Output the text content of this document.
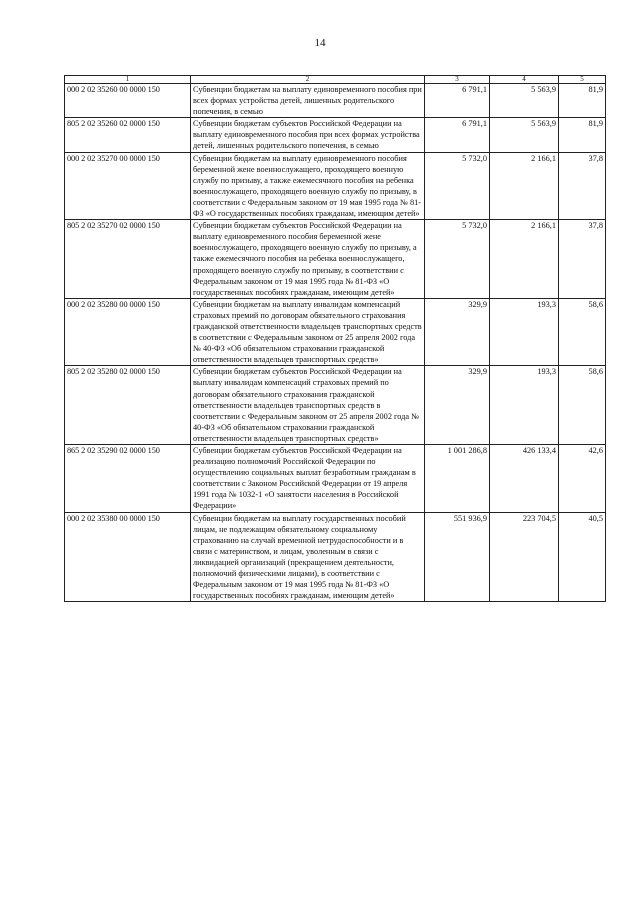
14
1	2	3	4	5
000 2 02 35260 00 0000 150	Субвенции бюджетам на выплату единовременного пособия при всех формах устройства детей, лишенных родительского попечения, в семью	6 791,1	5 563,9	81,9
805 2 02 35260 02 0000 150	Субвенции бюджетам субъектов Российской Федерации на выплату единовременного пособия при всех формах устройства детей, лишенных родительского попечения, в семью	6 791,1	5 563,9	81,9
000 2 02 35270 00 0000 150	Субвенции бюджетам на выплату единовременного пособия беременной жене военнослужащего, проходящего военную службу по призыву, а также ежемесячного пособия на ребенка военнослужащего, проходящего военную службу по призыву, в соответствии с Федеральным законом от 19 мая 1995 года № 81-ФЗ «О государственных пособиях гражданам, имеющим детей»	5 732,0	2 166,1	37,8
805 2 02 35270 02 0000 150	Субвенции бюджетам субъектов Российской Федерации на выплату единовременного пособия беременной жене военнослужащего, проходящего военную службу по призыву, а также ежемесячного пособия на ребенка военнослужащего, проходящего военную службу по призыву, в соответствии с Федеральным законом от 19 мая 1995 года № 81-ФЗ «О государственных пособиях гражданам, имеющим детей»	5 732,0	2 166,1	37,8
000 2 02 35280 00 0000 150	Субвенции бюджетам на выплату инвалидам компенсаций страховых премий по договорам обязательного страхования гражданской ответственности владельцев транспортных средств в соответствии с Федеральным законом от 25 апреля 2002 года № 40-ФЗ «Об обязательном страховании гражданской ответственности владельцев транспортных средств»	329,9	193,3	58,6
805 2 02 35280 02 0000 150	Субвенции бюджетам субъектов Российской Федерации на выплату инвалидам компенсаций страховых премий по договорам обязательного страхования гражданской ответственности владельцев транспортных средств в соответствии с Федеральным законом от 25 апреля 2002 года № 40-ФЗ «Об обязательном страховании гражданской ответственности владельцев транспортных средств»	329,9	193,3	58,6
865 2 02 35290 02 0000 150	Субвенции бюджетам субъектов Российской Федерации на реализацию полномочий Российской Федерации по осуществлению социальных выплат безработным гражданам в соответствии с Законом Российской Федерации от 19 апреля 1991 года № 1032-1 «О занятости населения в Российской Федерации»	1 001 286,8	426 133,4	42,6
000 2 02 35380 00 0000 150	Субвенции бюджетам на выплату государственных пособий лицам, не подлежащим обязательному социальному страхованию на случай временной нетрудоспособности и в связи с материнством, и лицам, уволенным в связи с ликвидацией организаций (прекращением деятельности, полномочий физическими лицами), в соответствии с Федеральным законом от 19 мая 1995 года № 81-ФЗ «О государственных пособиях гражданам, имеющим детей»	551 936,9	223 704,5	40,5
